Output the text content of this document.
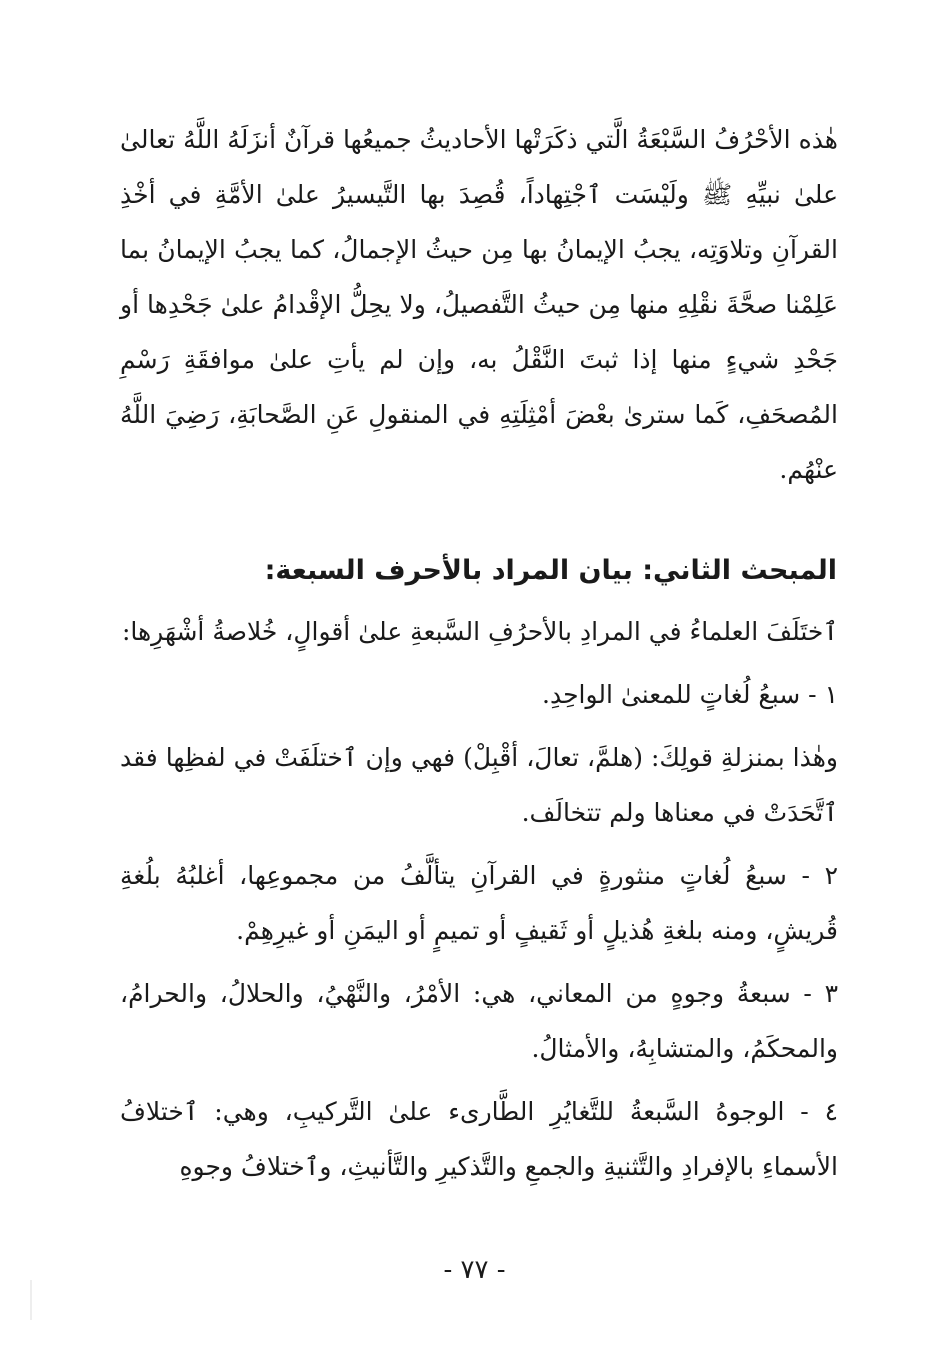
هٰذه الأحْرُفُ السَّبْعَةُ الَّتي ذكَرَتْها الأحاديثُ جميعُها قرآنٌ أنزَلَهُ اللَّهُ تعالىٰ علىٰ نبيِّهِ ﷺ ولَيْسَت ٱجْتِهاداً، قُصِدَ بها التَّيسيرُ علىٰ الأمَّةِ في أخْذِ القرآنِ وتلاوَتِه، يجبُ الإيمانُ بها مِن حيثُ الإجمالُ، كما يجبُ الإيمانُ بما عَلِمْنا صحَّةَ نقْلِهِ منها مِن حيثُ التَّفصيلُ، ولا يحِلُّ الإقْدامُ علىٰ جَحْدِها أو جَحْدِ شيءٍ منها إذا ثبتَ النَّقْلُ به، وإن لم يأتِ علىٰ موافقَةِ رَسْمِ المُصحَفِ، كَما سترىٰ بعْضَ أمْثِلَتِهِ في المنقولِ عَنِ الصَّحابَةِ، رَضِيَ اللَّهُ عنْهُم.

المبحث الثاني: بيان المراد بالأحرف السبعة:

ٱختَلَفَ العلماءُ في المرادِ بالأحرُفِ السَّبعةِ علىٰ أقوالٍ، خُلاصةُ أشْهَرِها:

١ - سبعُ لُغاتٍ للمعنىٰ الواحِدِ.

وهٰذا بمنزلةِ قولِكَ: (هلمَّ، تعالَ، أقْبِلْ) فهي وإن ٱختلَفَتْ في لفظِها فقد ٱتَّحَدَتْ في معناها ولم تتخالَف.

٢ - سبعُ لُغاتٍ منثورةٍ في القرآنِ يتألَّفُ من مجموعِها، أغلبُهُ بلُغةِ قُريشٍ، ومنه بلغةِ هُذيلٍ أو ثَقيفٍ أو تميمٍ أو اليمَنِ أو غيرِهِمْ.

٣ - سبعةُ وجوهٍ من المعاني، هي: الأمْرُ، والنَّهْيُ، والحلالُ، والحرامُ، والمحكَمُ، والمتشابِهُ، والأمثالُ.

٤ - الوجوهُ السَّبعةُ للتَّغايُرِ الطَّارىء علىٰ التَّركيبِ، وهي: ٱختلافُ الأسماءِ بالإفرادِ والتَّثنيةِ والجمعِ والتَّذكيرِ والتَّأنيثِ، وٱختلافُ وجوهِ

- ٧٧ -
